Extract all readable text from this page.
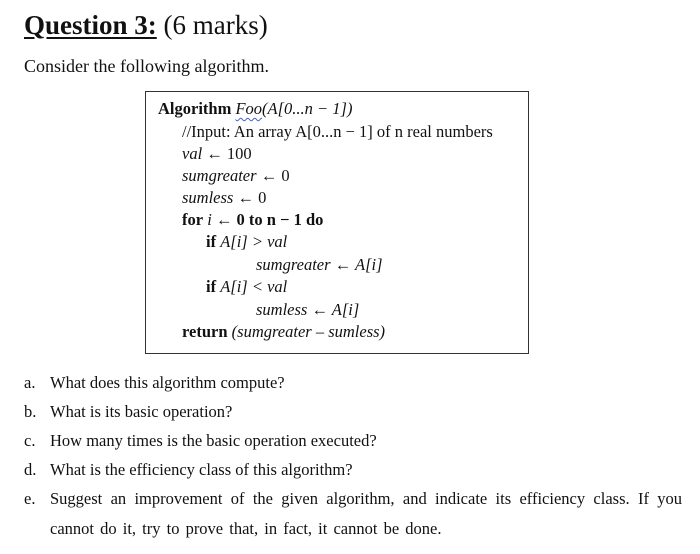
Question 3: (6 marks)
Consider the following algorithm.
Algorithm Foo(A[0...n − 1])
//Input: An array A[0...n − 1] of n real numbers
val ← 100
sumgreater ← 0
sumless ← 0
for i ← 0 to n − 1 do
if A[i] > val
sumgreater ← A[i]
if A[i] < val
sumless ← A[i]
return (sumgreater – sumless)
a. What does this algorithm compute?
b. What is its basic operation?
c. How many times is the basic operation executed?
d. What is the efficiency class of this algorithm?
e. Suggest an improvement of the given algorithm, and indicate its efficiency class. If you cannot do it, try to prove that, in fact, it cannot be done.
